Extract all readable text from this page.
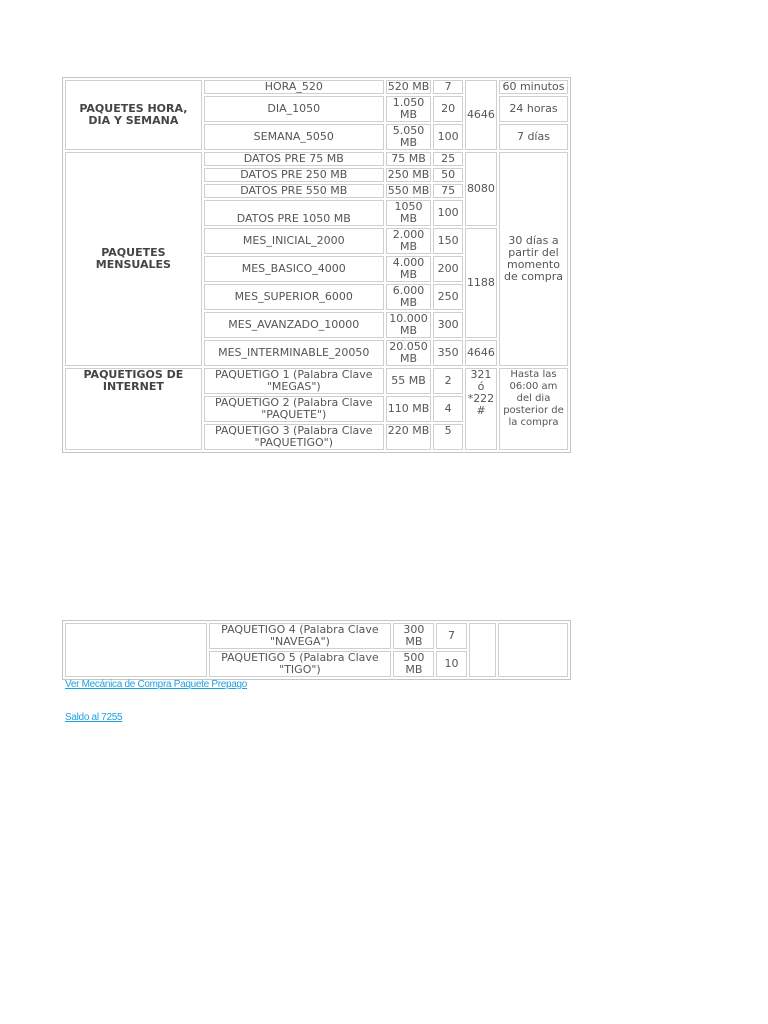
PAQUETES HORA, DIA Y SEMANA	HORA_520	520 MB	7	4646	60 minutos
	DIA_1050	1.050 MB	20		24 horas
	SEMANA_5050	5.050 MB	100		7 días
PAQUETES MENSUALES	DATOS PRE 75 MB	75 MB	25	8080	30 días a partir del momento de compra
	DATOS PRE 250 MB	250 MB	50		
	DATOS PRE 550 MB	550 MB	75		
	DATOS PRE 1050 MB	1050 MB	100		
	MES_INICIAL_2000	2.000 MB	150	1188	
	MES_BASICO_4000	4.000 MB	200		
	MES_SUPERIOR_6000	6.000 MB	250		
	MES_AVANZADO_10000	10.000 MB	300		
	MES_INTERMINABLE_20050	20.050 MB	350	4646	
PAQUETIGOS DE INTERNET	PAQUETIGO 1 (Palabra Clave "MEGAS")	55 MB	2	321 ó *222 #	Hasta las 06:00 am del dia posterior de la compra
	PAQUETIGO 2 (Palabra Clave "PAQUETE")	110 MB	4		
	PAQUETIGO 3 (Palabra Clave "PAQUETIGO")	220 MB	5		
	PAQUETIGO 4 (Palabra Clave "NAVEGA")	300 MB	7		
	PAQUETIGO 5 (Palabra Clave "TIGO")	500 MB	10		
Ver Mecánica de Compra Paquete Prepago
Saldo al 7255
